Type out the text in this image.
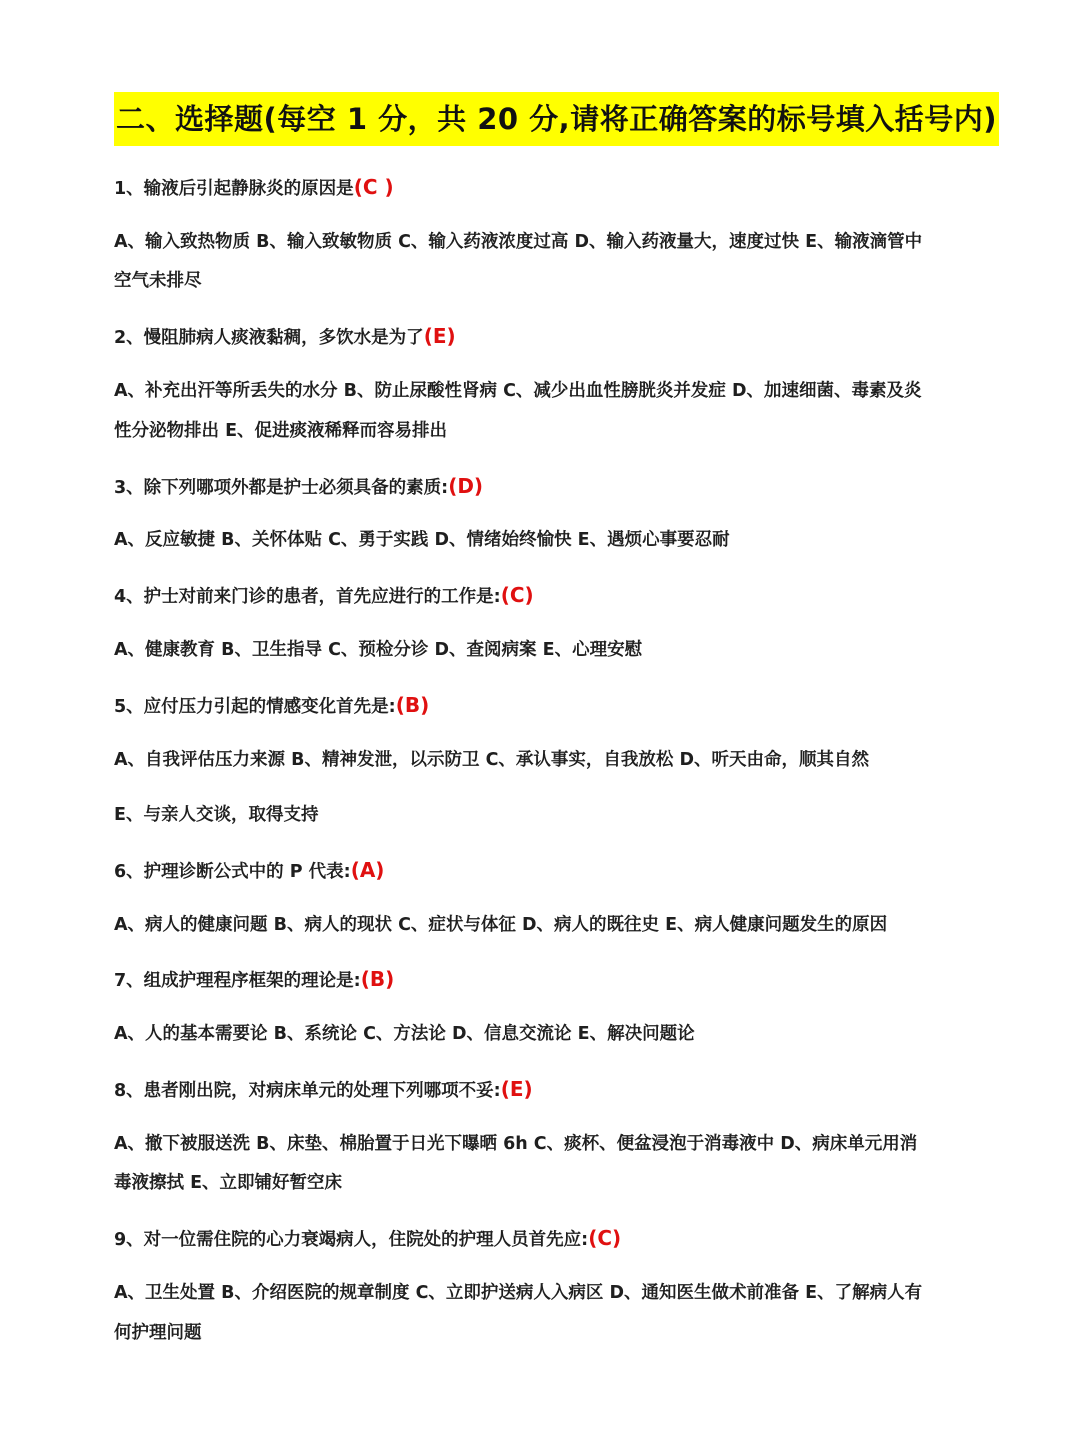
二、选择题(每空 1 分，共 20 分,请将正确答案的标号填入括号内)
1、输液后引起静脉炎的原因是(C )
A、输入致热物质 B、输入致敏物质 C、输入药液浓度过高 D、输入药液量大，速度过快 E、输液滴管中
空气未排尽
2、慢阻肺病人痰液黏稠，多饮水是为了(E)
A、补充出汗等所丢失的水分 B、防止尿酸性肾病 C、减少出血性膀胱炎并发症 D、加速细菌、毒素及炎
性分泌物排出 E、促进痰液稀释而容易排出
3、除下列哪项外都是护士必须具备的素质:(D)
A、反应敏捷 B、关怀体贴 C、勇于实践 D、情绪始终愉快 E、遇烦心事要忍耐
4、护士对前来门诊的患者，首先应进行的工作是:(C)
A、健康教育 B、卫生指导 C、预检分诊 D、查阅病案 E、心理安慰
5、应付压力引起的情感变化首先是:(B)
A、自我评估压力来源 B、精神发泄，以示防卫 C、承认事实，自我放松 D、听天由命，顺其自然
E、与亲人交谈，取得支持
6、护理诊断公式中的 P 代表:(A)
A、病人的健康问题 B、病人的现状 C、症状与体征 D、病人的既往史 E、病人健康问题发生的原因
7、组成护理程序框架的理论是:(B)
A、人的基本需要论 B、系统论 C、方法论 D、信息交流论 E、解决问题论
8、患者刚出院，对病床单元的处理下列哪项不妥:(E)
A、撤下被服送洗 B、床垫、棉胎置于日光下曝晒 6h C、痰杯、便盆浸泡于消毒液中 D、病床单元用消
毒液擦拭 E、立即铺好暂空床
9、对一位需住院的心力衰竭病人，住院处的护理人员首先应:(C)
A、卫生处置 B、介绍医院的规章制度 C、立即护送病人入病区 D、通知医生做术前准备 E、了解病人有
何护理问题
